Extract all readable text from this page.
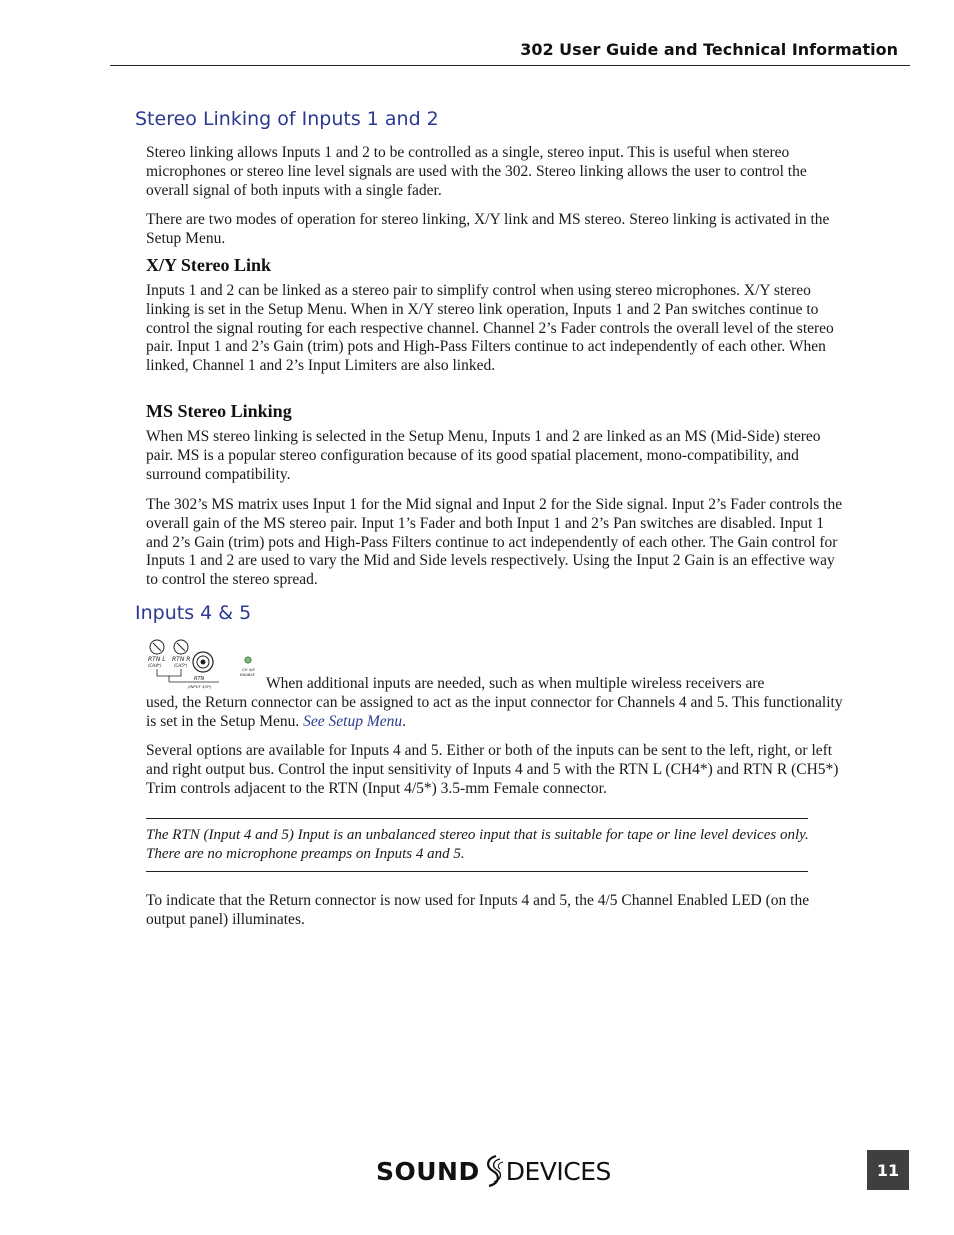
302 User Guide and Technical Information
Stereo Linking of Inputs 1 and 2

Stereo linking allows Inputs 1 and 2 to be controlled as a single, stereo input. This is useful when stereo microphones or stereo line level signals are used with the 302. Stereo linking allows the user to control the overall signal of both inputs with a single fader.

There are two modes of operation for stereo linking, X/Y link and MS stereo. Stereo linking is activated in the Setup Menu.

X/Y Stereo Link

Inputs 1 and 2 can be linked as a stereo pair to simplify control when using stereo microphones. X/Y stereo linking is set in the Setup Menu. When in X/Y stereo link operation, Inputs 1 and 2 Pan switches continue to control the signal routing for each respective channel. Channel 2’s Fader controls the overall level of the stereo pair. Input 1 and 2’s Gain (trim) pots and High-Pass Filters continue to act independently of each other. When linked, Channel 1 and 2’s Input Limiters are also linked.

MS Stereo Linking

When MS stereo linking is selected in the Setup Menu, Inputs 1 and 2 are linked as an MS (Mid-Side) stereo pair. MS is a popular stereo configuration because of its good spatial placement, mono-compatibility, and surround compatibility.

The 302’s MS matrix uses Input 1 for the Mid signal and Input 2 for the Side signal. Input 2’s Fader controls the overall gain of the MS stereo pair. Input 1’s Fader and both Input 1 and 2’s Pan switches are disabled. Input 1 and 2’s Gain (trim) pots and High-Pass Filters continue to act independently of each other. The Gain control for Inputs 1 and 2 are used to vary the Mid and Side levels respectively. Using the Input 2 Gain is an effective way to control the stereo spread.

Inputs 4 & 5
RTN L
(CH4*)
RTN R
(CH5*)
RTN
(INPUT 4/5*)
CH 4/5
ENABLE

When additional inputs are needed, such as when multiple wireless receivers are

used, the Return connector can be assigned to act as the input connector for Channels 4 and 5. This functionality is set in the Setup Menu. See Setup Menu.

Several options are available for Inputs 4 and 5. Either or both of the inputs can be sent to the left, right, or left and right output bus. Control the input sensitivity of Inputs 4 and 5 with the RTN L (CH4*) and RTN R (CH5*) Trim controls adjacent to the RTN (Input 4/5*) 3.5-mm Female connector.

The RTN (Input 4 and 5) Input is an unbalanced stereo input that is suitable for tape or line level devices only. There are no microphone preamps on Inputs 4 and 5.

To indicate that the Return connector is now used for Inputs 4 and 5, the 4/5 Channel Enabled LED (on the output panel) illuminates.

SOUND DEVICES	11
